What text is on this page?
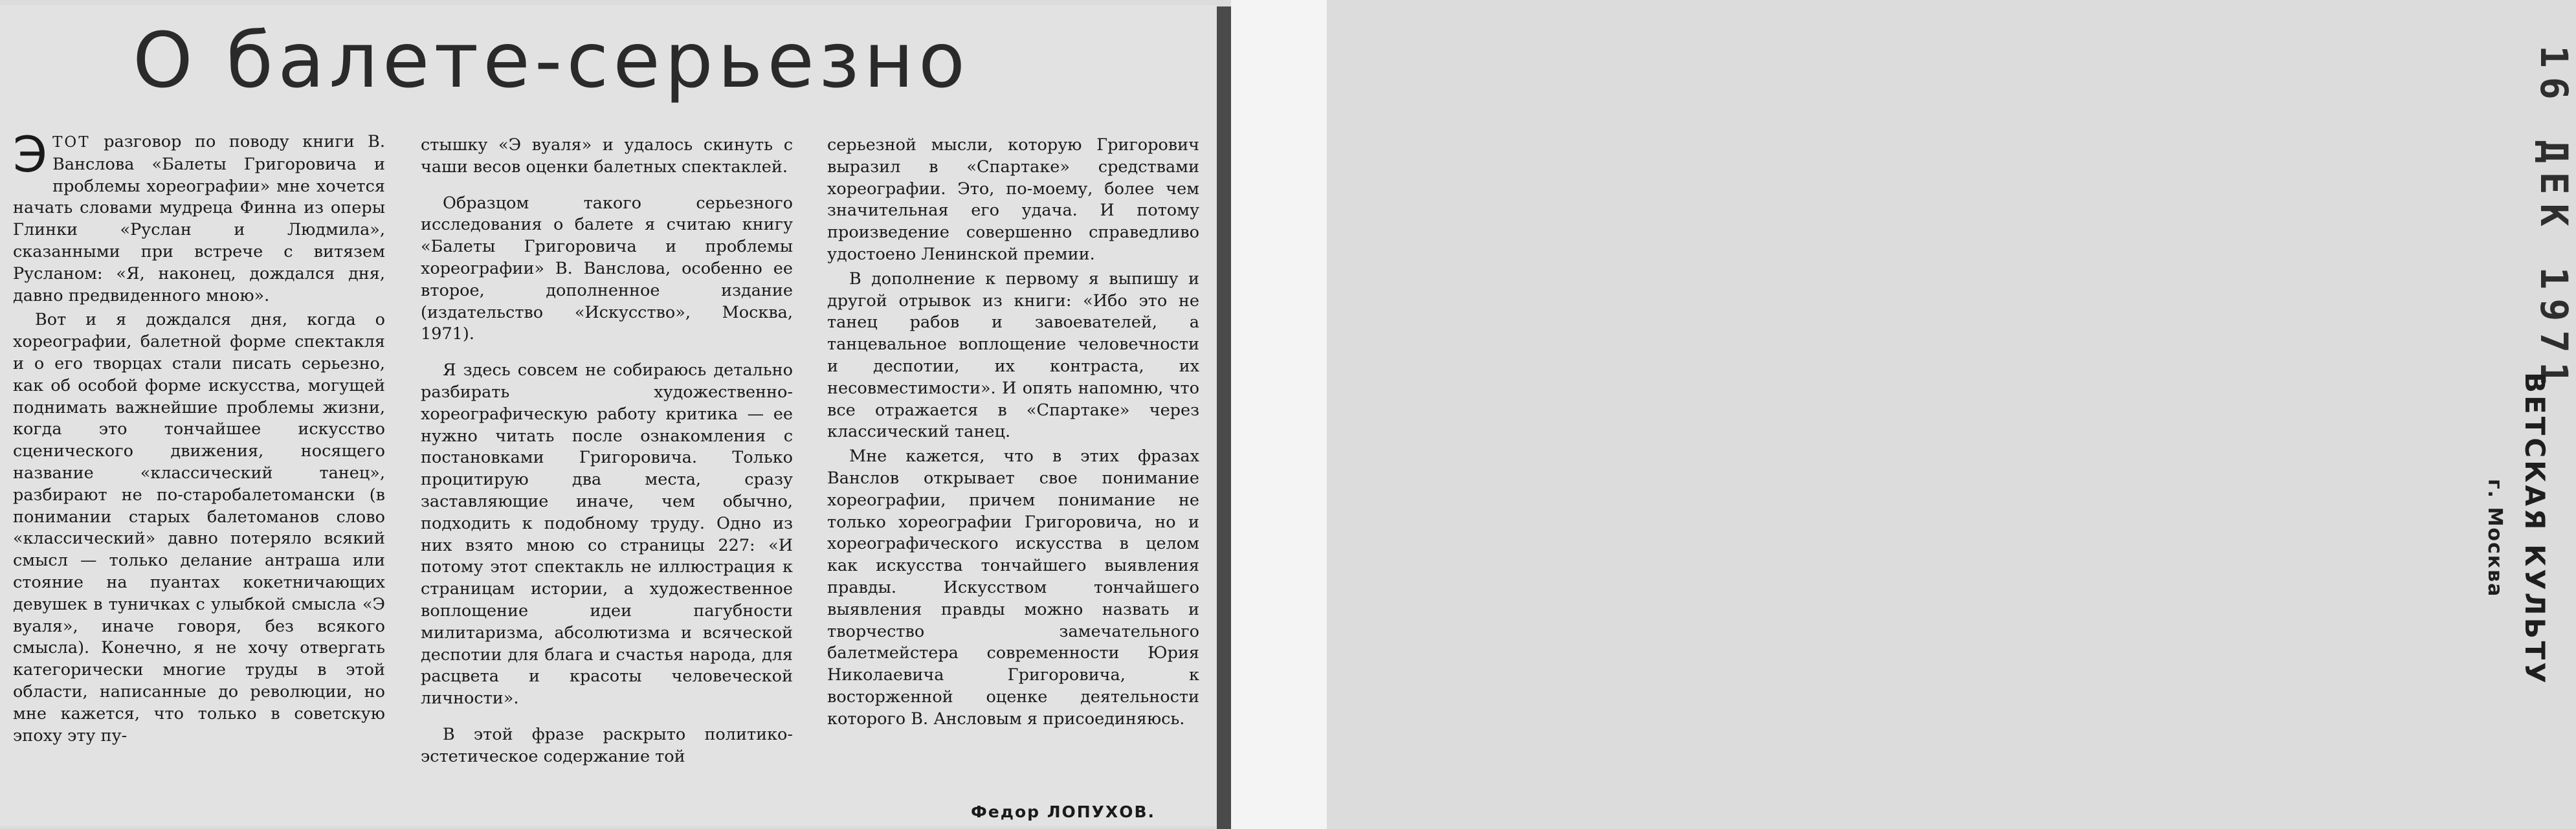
О балете-серьезно

ЭТОТ разговор по поводу книги В. Ванслова «Балеты Григоровича и проблемы хореографии» мне хочется начать словами мудреца Финна из оперы Глинки «Руслан и Людмила», сказанными при встрече с витязем Русланом: «Я, наконец, дождался дня, давно предвиденного мною».

Вот и я дождался дня, когда о хореографии, балетной форме спектакля и о его творцах стали писать серьезно, как об особой форме искусства, могущей поднимать важнейшие проблемы жизни, когда это тончайшее искусство сценического движения, носящего название «классический танец», разбирают не по-старобалетомански (в понимании старых балетоманов слово «классический» давно потеряло всякий смысл — только делание антраша или стояние на пуантах кокетничающих девушек в туничках с улыбкой смысла «Э вуаля», иначе говоря, без всякого смысла). Конечно, я не хочу отвергать категорически многие труды в этой области, написанные до революции, но мне кажется, что только в советскую эпоху эту пу-

стышку «Э вуаля» и удалось скинуть с чаши весов оценки балетных спектаклей.

Образцом такого серьезного исследования о балете я считаю книгу «Балеты Григоровича и проблемы хореографии» В. Ванслова, особенно ее второе, дополненное издание (издательство «Искусство», Москва, 1971).

Я здесь совсем не собираюсь детально разбирать художественно-хореографическую работу критика — ее нужно читать после ознакомления с постановками Григоровича. Только процитирую два места, сразу заставляющие иначе, чем обычно, подходить к подобному труду. Одно из них взято мною со страницы 227: «И потому этот спектакль не иллюстрация к страницам истории, а художественное воплощение идеи пагубности милитаризма, абсолютизма и всяческой деспотии для блага и счастья народа, для расцвета и красоты человеческой личности».

В этой фразе раскрыто политико-эстетическое содержание той

серьезной мысли, которую Григорович выразил в «Спартаке» средствами хореографии. Это, по-моему, более чем значительная его удача. И потому произведение совершенно справедливо удостоено Ленинской премии.

В дополнение к первому я выпишу и другой отрывок из книги: «Ибо это не танец рабов и завоевателей, а танцевальное воплощение человечности и деспотии, их контраста, их несовместимости». И опять напомню, что все отражается в «Спартаке» через классический танец.

Мне кажется, что в этих фразах Ванслов открывает свое понимание хореографии, причем понимание не только хореографии Григоровича, но и хореографического искусства в целом как искусства тончайшего выявления правды. Искусством тончайшего выявления правды можно назвать и творчество замечательного балетмейстера современности Юрия Николаевича Григоровича, к восторженной оценке деятельности которого В. Ансловым я присоединяюсь.

Федор ЛОПУХОВ.
16 ДЕК 1971
ВЕТСКАЯ КУЛЬТУ
г. Москва
